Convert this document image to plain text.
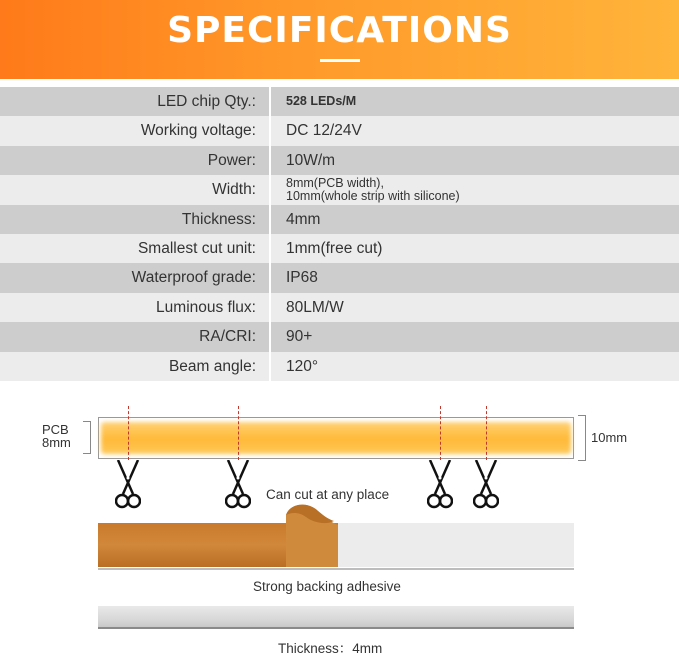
SPECIFICATIONS
LED chip Qty.: 528 LEDs/M
Working voltage: DC 12/24V
Power: 10W/m
Width: 8mm(PCB width),
10mm(whole strip with silicone)
Thickness: 4mm
Smallest cut unit: 1mm(free cut)
Waterproof grade: IP68
Luminous flux: 80LM/W
RA/CRI: 90+
Beam angle: 120°
PCB
8mm	10mm
Can cut at any place
Strong backing adhesive
Thickness：4mm
